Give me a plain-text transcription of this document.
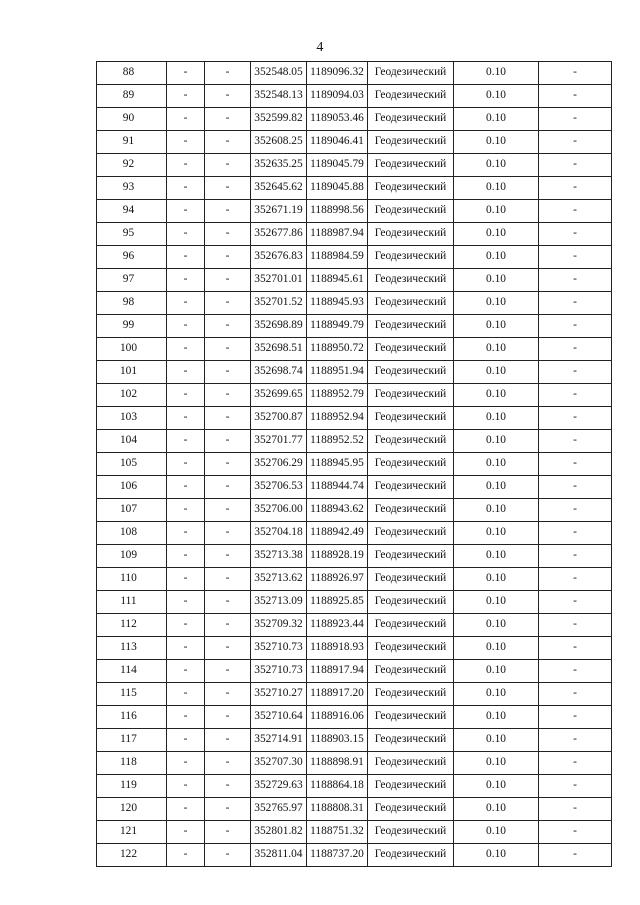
4
88	-	-	352548.05	1189096.32	Геодезический	0.10	-
89	-	-	352548.13	1189094.03	Геодезический	0.10	-
90	-	-	352599.82	1189053.46	Геодезический	0.10	-
91	-	-	352608.25	1189046.41	Геодезический	0.10	-
92	-	-	352635.25	1189045.79	Геодезический	0.10	-
93	-	-	352645.62	1189045.88	Геодезический	0.10	-
94	-	-	352671.19	1188998.56	Геодезический	0.10	-
95	-	-	352677.86	1188987.94	Геодезический	0.10	-
96	-	-	352676.83	1188984.59	Геодезический	0.10	-
97	-	-	352701.01	1188945.61	Геодезический	0.10	-
98	-	-	352701.52	1188945.93	Геодезический	0.10	-
99	-	-	352698.89	1188949.79	Геодезический	0.10	-
100	-	-	352698.51	1188950.72	Геодезический	0.10	-
101	-	-	352698.74	1188951.94	Геодезический	0.10	-
102	-	-	352699.65	1188952.79	Геодезический	0.10	-
103	-	-	352700.87	1188952.94	Геодезический	0.10	-
104	-	-	352701.77	1188952.52	Геодезический	0.10	-
105	-	-	352706.29	1188945.95	Геодезический	0.10	-
106	-	-	352706.53	1188944.74	Геодезический	0.10	-
107	-	-	352706.00	1188943.62	Геодезический	0.10	-
108	-	-	352704.18	1188942.49	Геодезический	0.10	-
109	-	-	352713.38	1188928.19	Геодезический	0.10	-
110	-	-	352713.62	1188926.97	Геодезический	0.10	-
111	-	-	352713.09	1188925.85	Геодезический	0.10	-
112	-	-	352709.32	1188923.44	Геодезический	0.10	-
113	-	-	352710.73	1188918.93	Геодезический	0.10	-
114	-	-	352710.73	1188917.94	Геодезический	0.10	-
115	-	-	352710.27	1188917.20	Геодезический	0.10	-
116	-	-	352710.64	1188916.06	Геодезический	0.10	-
117	-	-	352714.91	1188903.15	Геодезический	0.10	-
118	-	-	352707.30	1188898.91	Геодезический	0.10	-
119	-	-	352729.63	1188864.18	Геодезический	0.10	-
120	-	-	352765.97	1188808.31	Геодезический	0.10	-
121	-	-	352801.82	1188751.32	Геодезический	0.10	-
122	-	-	352811.04	1188737.20	Геодезический	0.10	-
